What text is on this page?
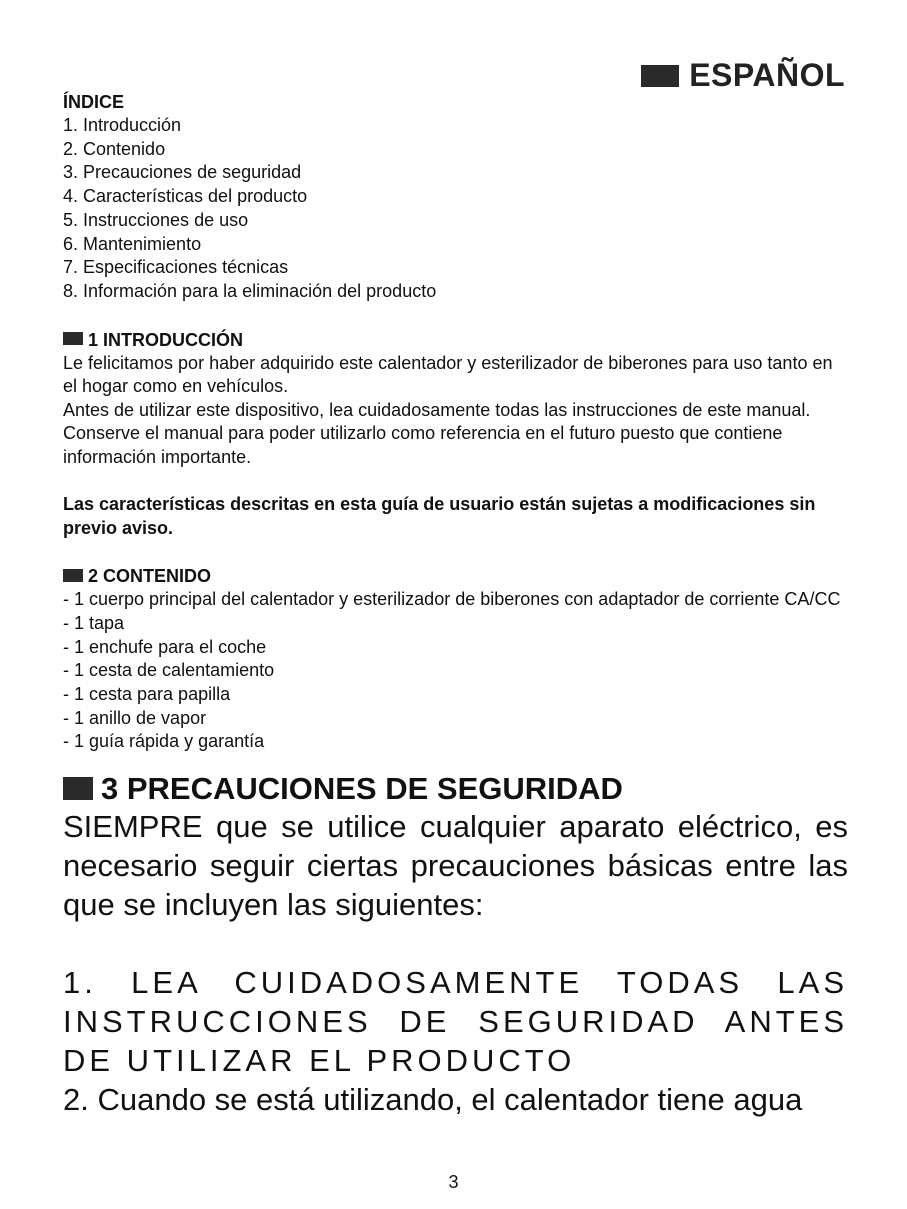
ESPAÑOL

ÍNDICE

1. Introducción
2. Contenido
3. Precauciones de seguridad
4. Características del producto
5. Instrucciones de uso
6. Mantenimiento
7. Especificaciones técnicas
8. Información para la eliminación del producto

1 INTRODUCCIÓN

Le felicitamos por haber adquirido este calentador y esterilizador de biberones para uso tanto en el hogar como en vehículos.

Antes de utilizar este dispositivo, lea cuidadosamente todas las instrucciones de este manual. Conserve el manual para poder utilizarlo como referencia en el futuro puesto que contiene información importante.

Las características descritas en esta guía de usuario están sujetas a modificaciones sin previo aviso.

2 CONTENIDO

- 1 cuerpo principal del calentador y esterilizador de biberones con adaptador de corriente CA/CC
- 1 tapa
- 1 enchufe para el coche
- 1 cesta de calentamiento
- 1 cesta para papilla
- 1 anillo de vapor
- 1 guía rápida y garantía

3 PRECAUCIONES DE SEGURIDAD

SIEMPRE que se utilice cualquier aparato eléctrico, es necesario seguir ciertas precauciones básicas entre las que se incluyen las siguientes:

1. LEA CUIDADOSAMENTE TODAS LAS INSTRUCCIONES DE SEGURIDAD ANTES DE UTILIZAR EL PRODUCTO

2. Cuando se está utilizando, el calentador tiene agua

3
